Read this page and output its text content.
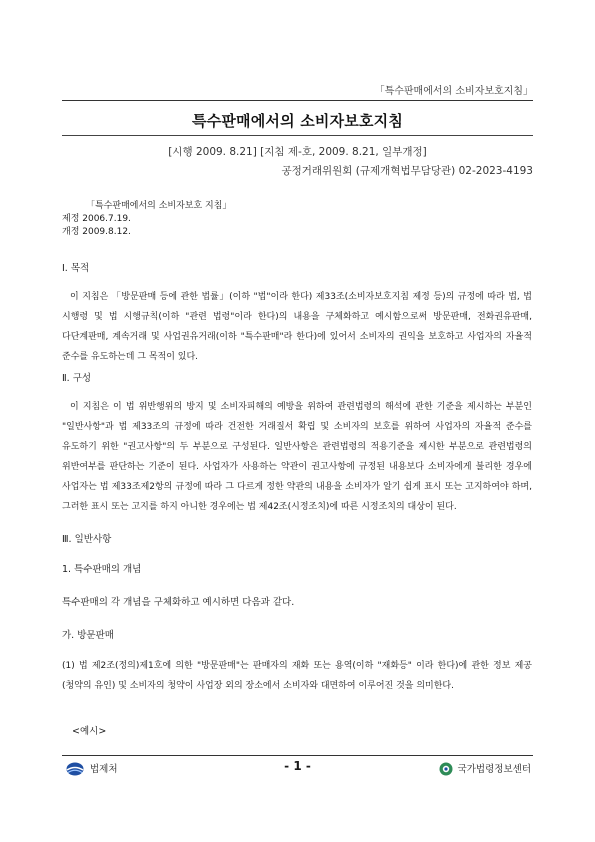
「특수판매에서의 소비자보호지침」
특수판매에서의 소비자보호지침
[시행 2009. 8.21] [지침 제-호, 2009. 8.21, 일부개정]
공정거래위원회 (규제개혁법무담당관) 02-2023-4193
「특수판매에서의 소비자보호 지침」
제정 2006.7.19.
개정 2009.8.12.
Ⅰ. 목적
이 지침은 「방문판매 등에 관한 법률」(이하 "법"이라 한다) 제33조(소비자보호지침 제정 등)의 규정에 따라 법, 법 시행령 및 법 시행규칙(이하 "관련 법령"이라 한다)의 내용을 구체화하고 예시함으로써 방문판매, 전화권유판매, 다단계판매, 계속거래 및 사업권유거래(이하 "특수판매"라 한다)에 있어서 소비자의 권익을 보호하고 사업자의 자율적 준수를 유도하는데 그 목적이 있다.
Ⅱ. 구성
이 지침은 이 법 위반행위의 방지 및 소비자피해의 예방을 위하여 관련법령의 해석에 관한 기준을 제시하는 부분인 "일반사항"과 법 제33조의 규정에 따라 건전한 거래질서 확립 및 소비자의 보호를 위하여 사업자의 자율적 준수를 유도하기 위한 "권고사항"의 두 부분으로 구성된다. 일반사항은 관련법령의 적용기준을 제시한 부분으로 관련법령의 위반여부를 판단하는 기준이 된다. 사업자가 사용하는 약관이 권고사항에 규정된 내용보다 소비자에게 불리한 경우에 사업자는 법 제33조제2항의 규정에 따라 그 다르게 정한 약관의 내용을 소비자가 알기 쉽게 표시 또는 고지하여야 하며, 그러한 표시 또는 고지를 하지 아니한 경우에는 법 제42조(시정조치)에 따른 시정조치의 대상이 된다.
Ⅲ. 일반사항
1. 특수판매의 개념
특수판매의 각 개념을 구체화하고 예시하면 다음과 같다.
가. 방문판매
(1) 법 제2조(정의)제1호에 의한 "방문판매"는 판매자의 재화 또는 용역(이하 "재화등" 이라 한다)에 관한 정보 제공(청약의 유인) 및 소비자의 청약이 사업장 외의 장소에서 소비자와 대면하여 이루어진 것을 의미한다.
<예시>
법제처	- 1 -	국가법령정보센터
